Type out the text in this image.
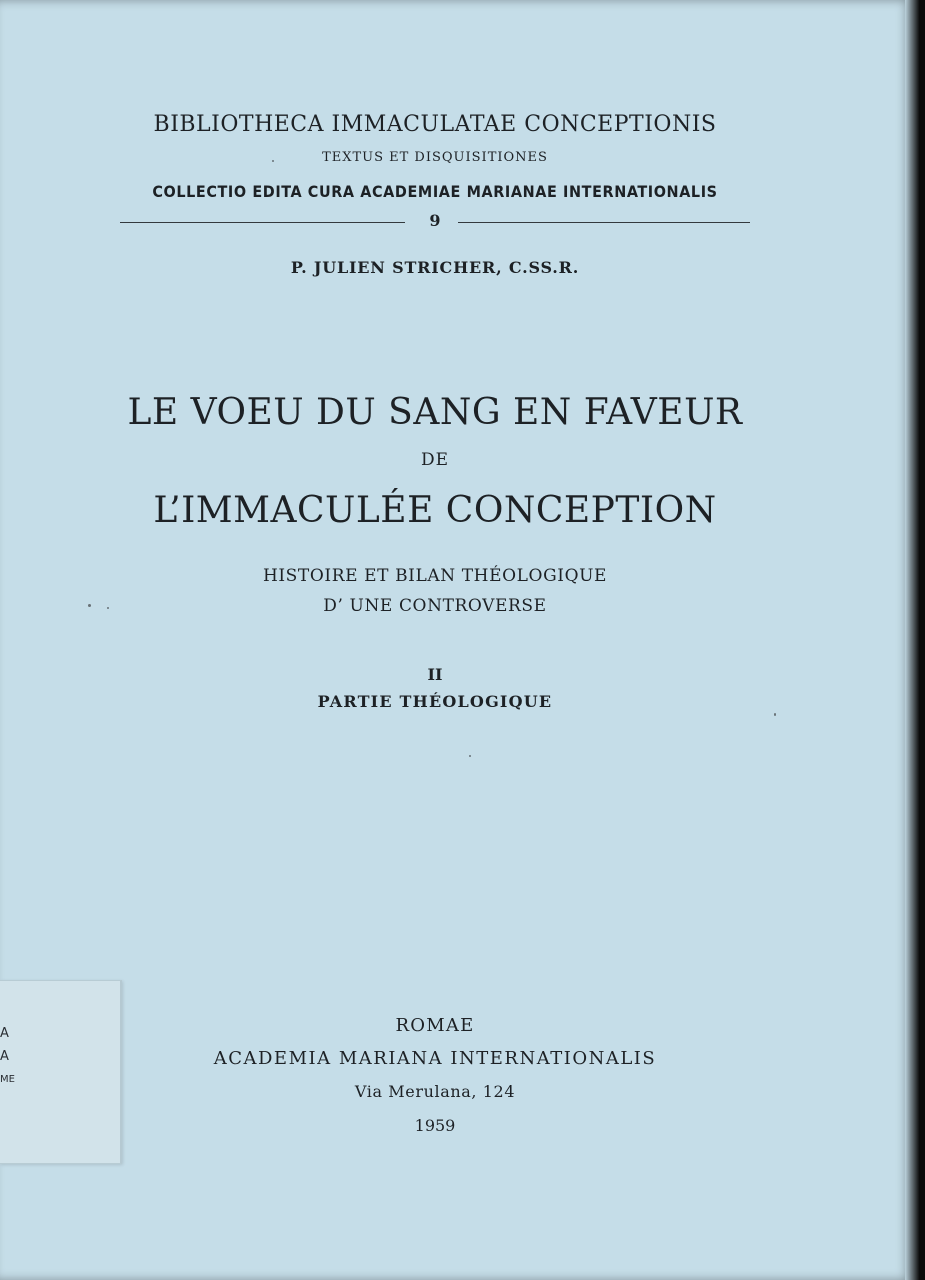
BIBLIOTHECA IMMACULATAE CONCEPTIONIS
TEXTUS ET DISQUISITIONES
COLLECTIO EDITA CURA ACADEMIAE MARIANAE INTERNATIONALIS
9
P. JULIEN STRICHER, C.SS.R.
LE VOEU DU SANG EN FAVEUR
DE
L’IMMACULÉE CONCEPTION
HISTOIRE ET BILAN THÉOLOGIQUE
D’ UNE CONTROVERSE
II
PARTIE THÉOLOGIQUE
ROMAE
ACADEMIA MARIANA INTERNATIONALIS
Via Merulana, 124
1959
A
A
ME
